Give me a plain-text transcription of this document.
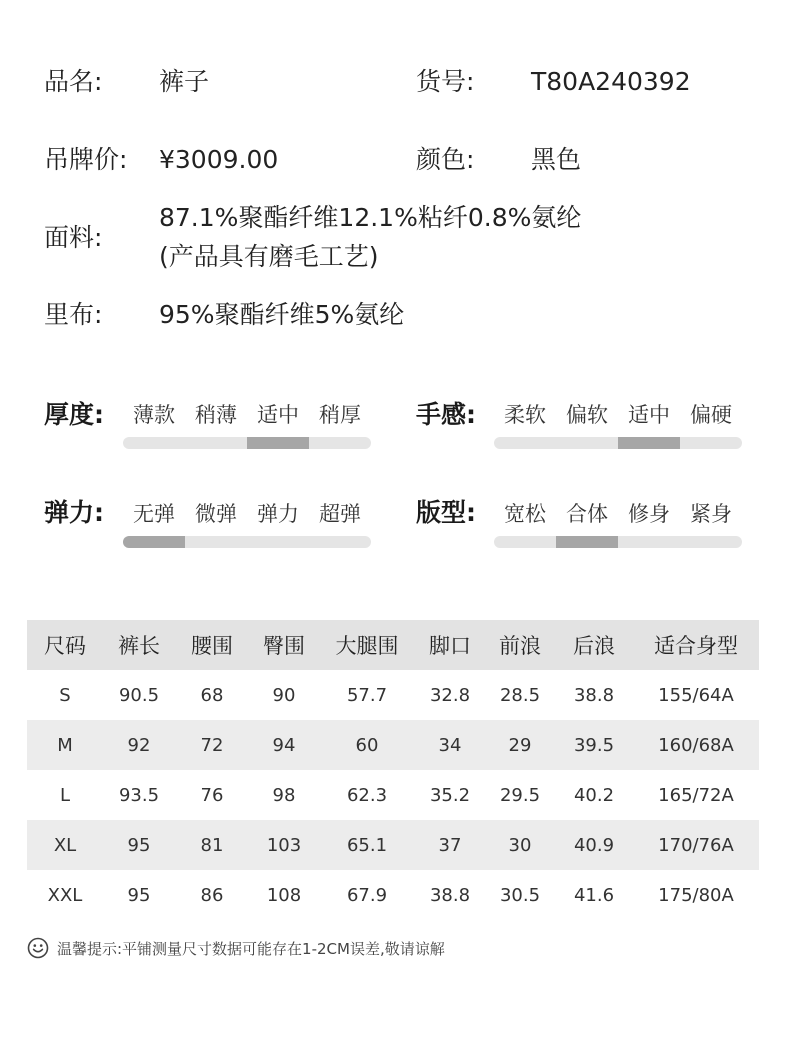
品名: 裤子	货号: T80A240392
吊牌价: ¥3009.00	颜色: 黑色
面料:
87.1%聚酯纤维12.1%粘纤0.8%氨纶
(产品具有磨毛工艺)
里布: 95%聚酯纤维5%氨纶
厚度:	薄款 稍薄 适中 稍厚	手感:	柔软 偏软 适中 偏硬
弹力:	无弹 微弹 弹力 超弹	版型:	宽松 合体 修身 紧身
尺码	裤长	腰围	臀围	大腿围	脚口	前浪	后浪	适合身型
S	90.5	68	90	57.7	32.8	28.5	38.8	155/64A
M	92	72	94	60	34	29	39.5	160/68A
L	93.5	76	98	62.3	35.2	29.5	40.2	165/72A
XL	95	81	103	65.1	37	30	40.9	170/76A
XXL	95	86	108	67.9	38.8	30.5	41.6	175/80A
温馨提示:平铺测量尺寸数据可能存在1-2CM误差,敬请谅解
